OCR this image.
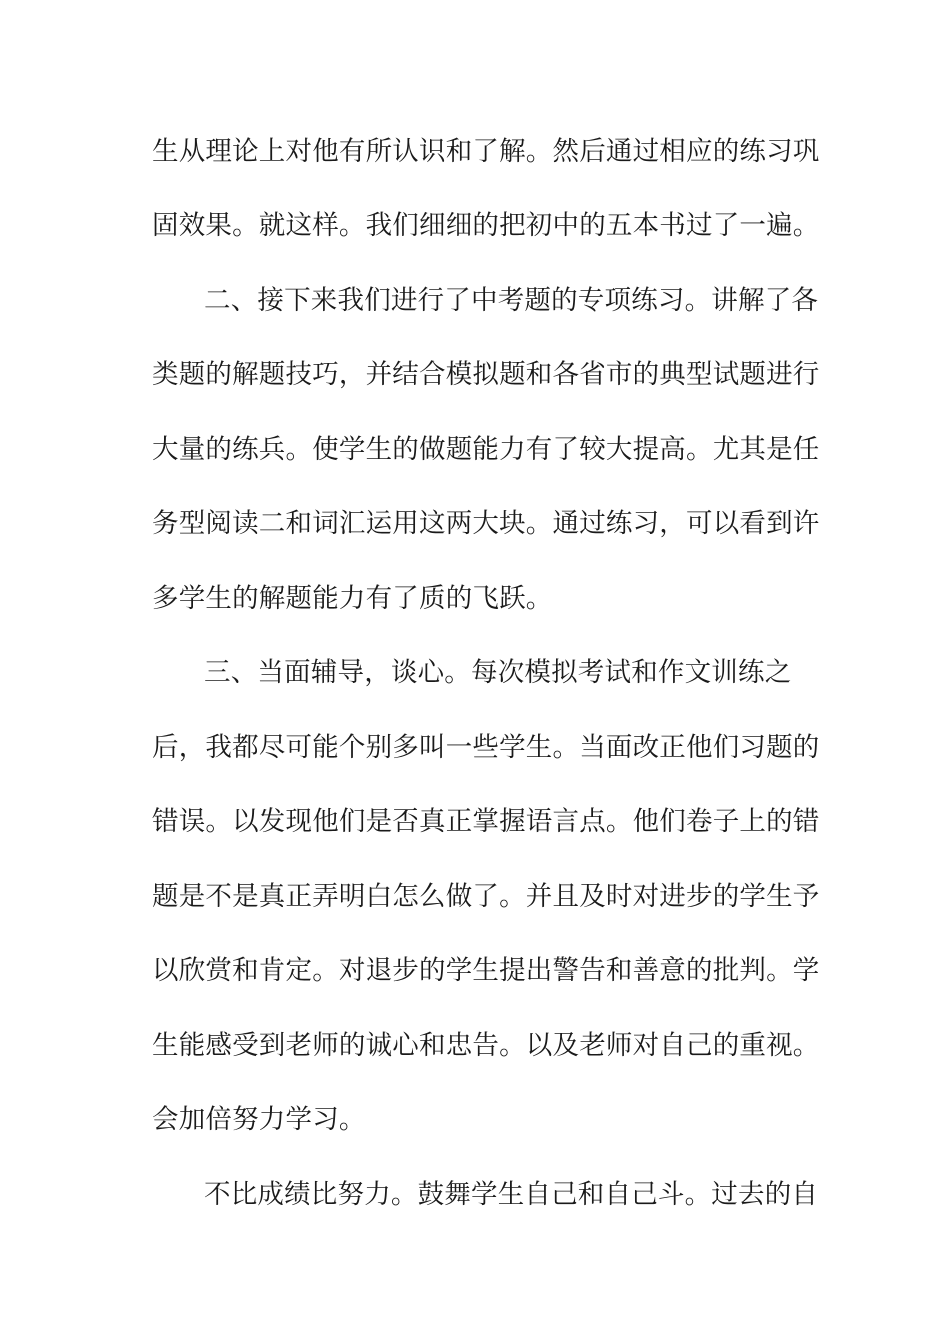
生从理论上对他有所认识和了解。然后通过相应的练习巩
固效果。就这样。我们细细的把初中的五本书过了一遍。
二、接下来我们进行了中考题的专项练习。讲解了各
类题的解题技巧，并结合模拟题和各省市的典型试题进行
大量的练兵。使学生的做题能力有了较大提高。尤其是任
务型阅读二和词汇运用这两大块。通过练习，可以看到许
多学生的解题能力有了质的飞跃。
三、当面辅导，谈心。每次模拟考试和作文训练之
后，我都尽可能个别多叫一些学生。当面改正他们习题的
错误。以发现他们是否真正掌握语言点。他们卷子上的错
题是不是真正弄明白怎么做了。并且及时对进步的学生予
以欣赏和肯定。对退步的学生提出警告和善意的批判。学
生能感受到老师的诚心和忠告。以及老师对自己的重视。
会加倍努力学习。
不比成绩比努力。鼓舞学生自己和自己斗。过去的自
